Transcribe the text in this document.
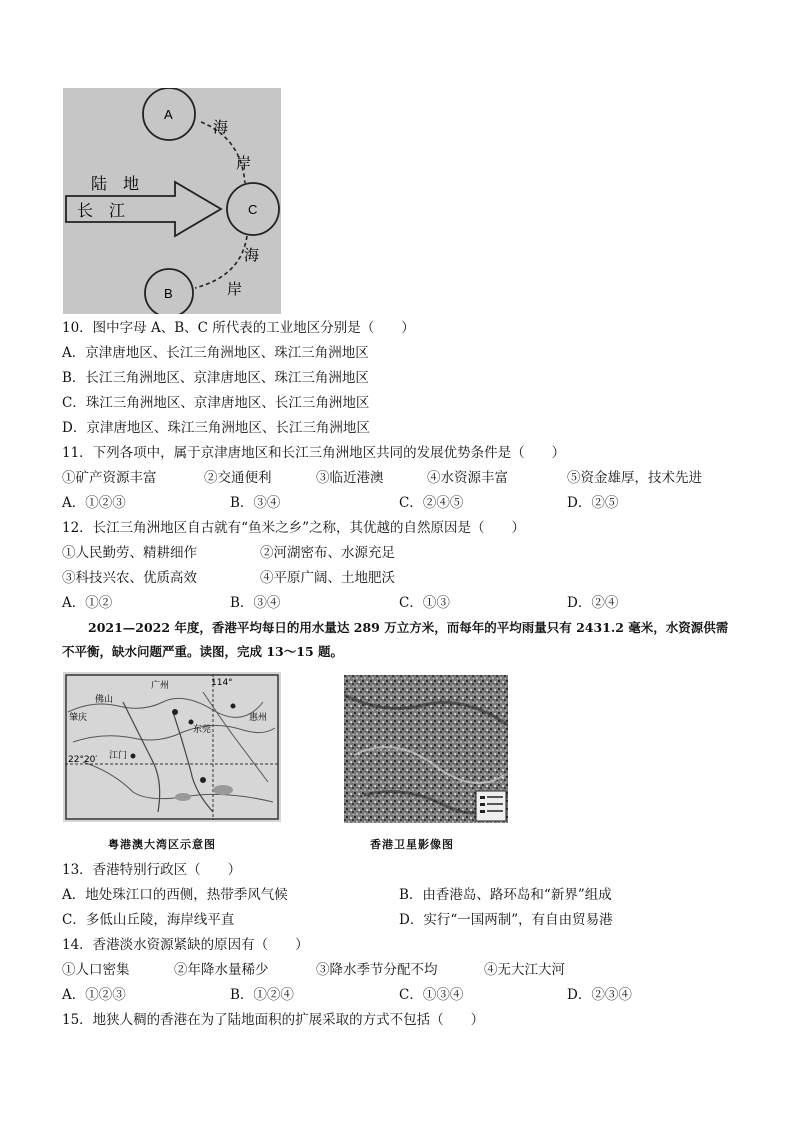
A
B
C
陆　地
长　江
海
岸
海
岸
10．图中字母 A、B、C 所代表的工业地区分别是（　　）
A．京津唐地区、长江三角洲地区、珠江三角洲地区
B．长江三角洲地区、京津唐地区、珠江三角洲地区
C．珠江三角洲地区、京津唐地区、长江三角洲地区
D．京津唐地区、珠江三角洲地区、长江三角洲地区
11．下列各项中，属于京津唐地区和长江三角洲地区共同的发展优势条件是（　　）
①矿产资源丰富	②交通便利	③临近港澳	④水资源丰富	⑤资金雄厚，技术先进
A．①②③	B．③④	C．②④⑤	D．②⑤
12．长江三角洲地区自古就有“鱼米之乡”之称，其优越的自然原因是（　　）
①人民勤劳、精耕细作	②河湖密布、水源充足
③科技兴农、优质高效	④平原广阔、土地肥沃
A．①②	B．③④	C．①③	D．②④
2021—2022 年度，香港平均每日的用水量达 289 万立方米，而每年的平均雨量只有 2431.2 毫米，水资源供需不平衡，缺水问题严重。读图，完成 13～15 题。
广州
佛山
肇庆
东莞
惠州
江门
114°
22°20′
粤港澳大湾区示意图	香港卫星影像图
13．香港特别行政区（　　）
A．地处珠江口的西侧，热带季风气候	B．由香港岛、路环岛和“新界”组成
C．多低山丘陵，海岸线平直	D．实行“一国两制”，有自由贸易港
14．香港淡水资源紧缺的原因有（　　）
①人口密集	②年降水量稀少	③降水季节分配不均	④无大江大河
A．①②③	B．①②④	C．①③④	D．②③④
15．地狭人稠的香港在为了陆地面积的扩展采取的方式不包括（　　）
